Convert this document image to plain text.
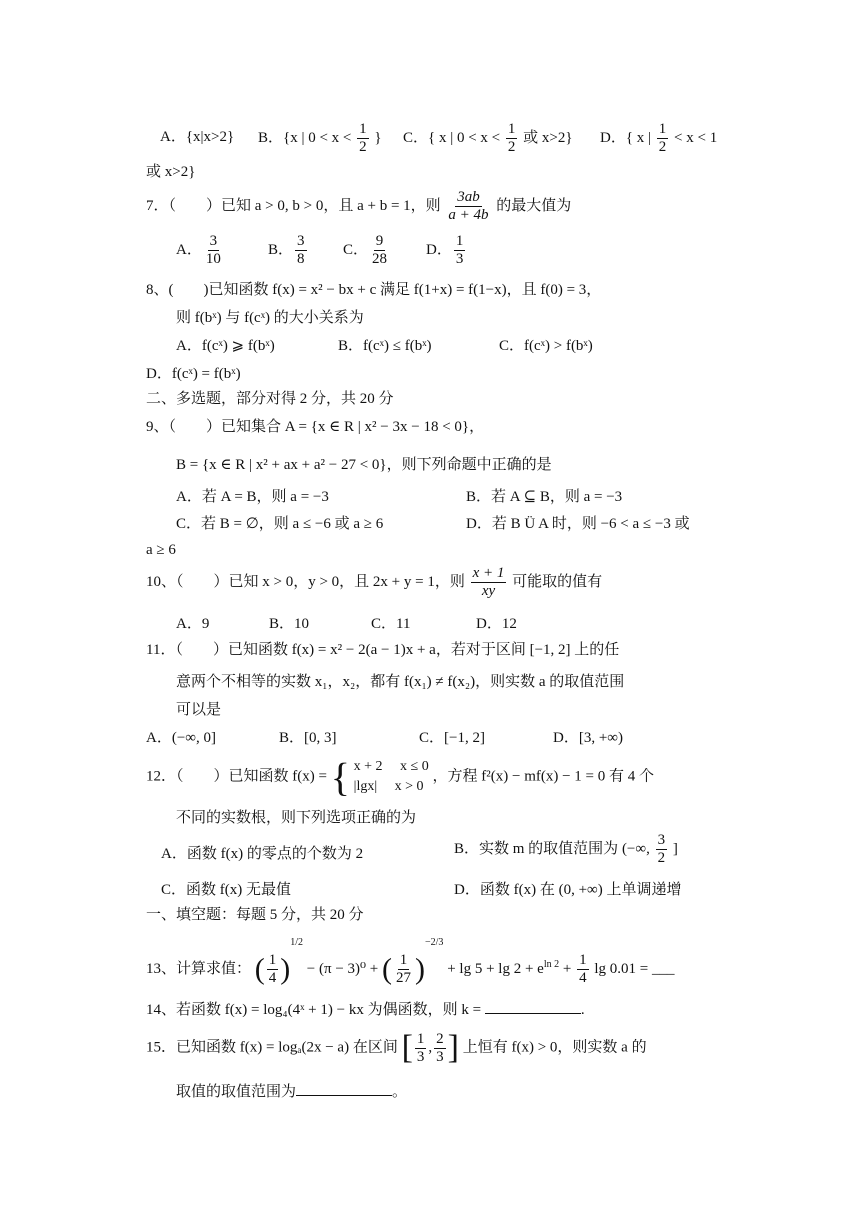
A．{x|x>2} B．{x | $0 < x < \frac{1}{2}$ } C．{ x | $0 < x < \frac{1}{2}$ 或 x>2} D．{ x | $\frac{1}{2} < x < 1$
或 x>2}
7．（　　）已知 a > 0, b > 0，且 a + b = 1，则 $\frac{3ab}{a + 4b}$ 的最大值为
A． $\frac{3}{10}$	B． $\frac{3}{8}$ C． $\frac{9}{28}$ D． $\frac{1}{3}$
8、(　　)已知函数 f(x) = x² − bx + c 满足 f(1+x) = f(1−x)，且 f(0) = 3，
则 f(bˣ) 与 f(cˣ) 的大小关系为
A．f(cˣ) ⩾ f(bˣ)	B．f(cˣ) ≤ f(bˣ)	C．f(cˣ) > f(bˣ)
D．f(cˣ) = f(bˣ)
二、多选题，部分对得 2 分，共 20 分
9、（　　）已知集合 A = {x ∈ R | x² − 3x − 18 < 0}，
B = {x ∈ R | x² + ax + a² − 27 < 0}，则下列命题中正确的是
A．若 A = B，则 a = −3	B．若 A ⊆ B，则 a = −3
C．若 B = ∅，则 a ≤ −6 或 a ≥ 6	D．若 B Ü A 时，则 −6 < a ≤ −3 或
a ≥ 6
10、（　　）已知 x > 0，y > 0，且 2x + y = 1，则 $\frac{x + 1}{xy}$ 可能取的值有
A．9	B．10	C．11	D．12
11．（　　）已知函数 f(x) = x² − 2(a − 1)x + a，若对于区间 [−1, 2] 上的任
意两个不相等的实数 x₁，x₂，都有 f(x₁) ≠ f(x₂)，则实数 a 的取值范围
可以是
A．(−∞, 0]	B．[0, 3]	C．[−1, 2]	D．[3, +∞)
12．（　　）已知函数 f(x) = { x + 2　 x ≤ 0
|lgx|　 x > 0
，方程 f²(x) − mf(x) − 1 = 0 有 4 个
不同的实数根，则下列选项正确的为
A．函数 f(x) 的零点的个数为 2	B．实数 m 的取值范围为 (−∞, $\frac{3}{2}$ ]
C．函数 f(x) 无最值	D．函数 f(x) 在 (0, +∞) 上单调递增
一、填空题：每题 5 分，共 20 分
13、计算求值： ( $\frac{1}{4} )^{1/2} - (\pi - 3)^0$ + ( $\frac{1}{27} )^{-2/3} + \lg 5 + \lg 2 + e^{ln 2} + \frac{1}{4}$ lg 0.01 = ___
14、若函数 f(x) = log₄(4ˣ + 1) − kx 为偶函数，则 k =	.
15．已知函数 f(x) = logₐ(2x − a) 在区间 [ $\frac{1}{3}$ , $\frac{2}{3}$ ] 上恒有 f(x) > 0，则实数 a 的
取值的取值范围为	。
